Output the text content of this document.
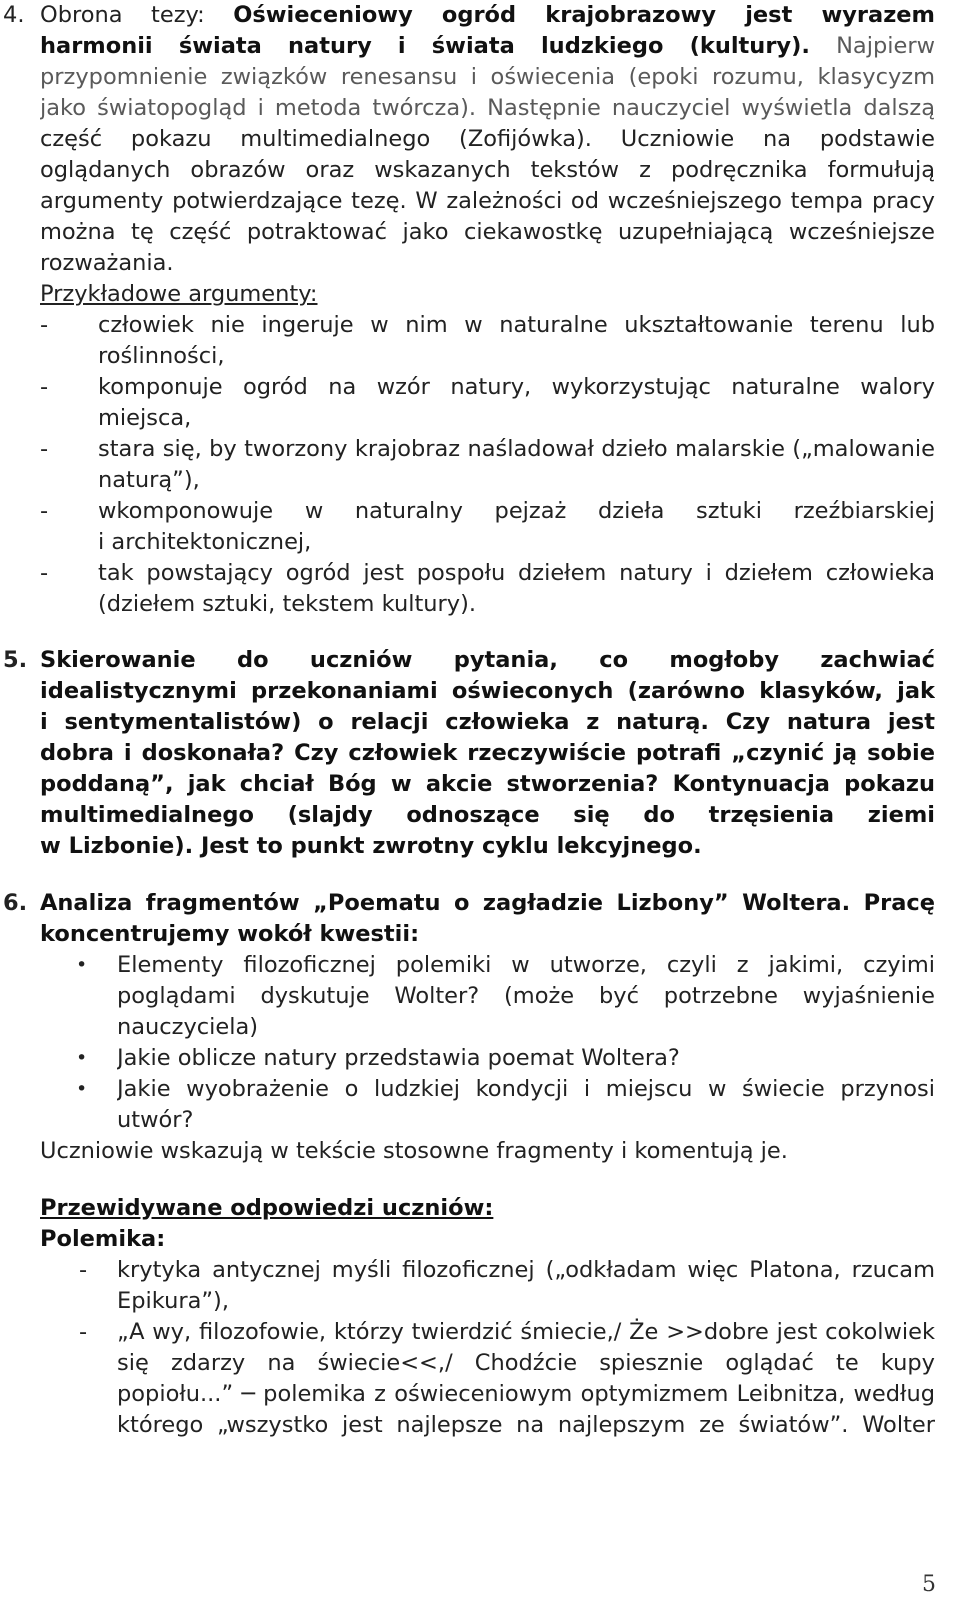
4. Obrona tezy: Oświeceniowy ogród krajobrazowy jest wyrazem
harmonii świata natury i świata ludzkiego (kultury). Najpierw
przypomnienie związków renesansu i oświecenia (epoki rozumu, klasycyzm
jako światopogląd i metoda twórcza). Następnie nauczyciel wyświetla dalszą
część pokazu multimedialnego (Zofijówka). Uczniowie na podstawie
oglądanych obrazów oraz wskazanych tekstów z podręcznika formułują
argumenty potwierdzające tezę. W zależności od wcześniejszego tempa pracy
można tę część potraktować jako ciekawostkę uzupełniającą wcześniejsze
rozważania.
Przykładowe argumenty:
- człowiek nie ingeruje w nim w naturalne ukształtowanie terenu lub
roślinności,
- komponuje ogród na wzór natury, wykorzystując naturalne walory
miejsca,
- stara się, by tworzony krajobraz naśladował dzieło malarskie („malowanie
naturą”),
- wkomponowuje w naturalny pejzaż dzieła sztuki rzeźbiarskiej
i architektonicznej,
- tak powstający ogród jest pospołu dziełem natury i dziełem człowieka
(dziełem sztuki, tekstem kultury).
5. Skierowanie do uczniów pytania, co mogłoby zachwiać
idealistycznymi przekonaniami oświeconych (zarówno klasyków, jak
i sentymentalistów) o relacji człowieka z naturą. Czy natura jest
dobra i doskonała? Czy człowiek rzeczywiście potrafi „czynić ją sobie
poddaną”, jak chciał Bóg w akcie stworzenia? Kontynuacja pokazu
multimedialnego (slajdy odnoszące się do trzęsienia ziemi
w Lizbonie). Jest to punkt zwrotny cyklu lekcyjnego.
6. Analiza fragmentów „Poematu o zagładzie Lizbony” Woltera. Pracę
koncentrujemy wokół kwestii:
• Elementy filozoficznej polemiki w utworze, czyli z jakimi, czyimi
poglądami dyskutuje Wolter? (może być potrzebne wyjaśnienie
nauczyciela)
• Jakie oblicze natury przedstawia poemat Woltera?
• Jakie wyobrażenie o ludzkiej kondycji i miejscu w świecie przynosi
utwór?
Uczniowie wskazują w tekście stosowne fragmenty i komentują je.
Przewidywane odpowiedzi uczniów:
Polemika:
- krytyka antycznej myśli filozoficznej („odkładam więc Platona, rzucam
Epikura”),
- „A wy, filozofowie, którzy twierdzić śmiecie,/ Że >>dobre jest cokolwiek
się zdarzy na świecie<<,/ Chodźcie spiesznie oglądać te kupy
popiołu...” ─ polemika z oświeceniowym optymizmem Leibnitza, według
którego „wszystko jest najlepsze na najlepszym ze światów”. Wolter
5
